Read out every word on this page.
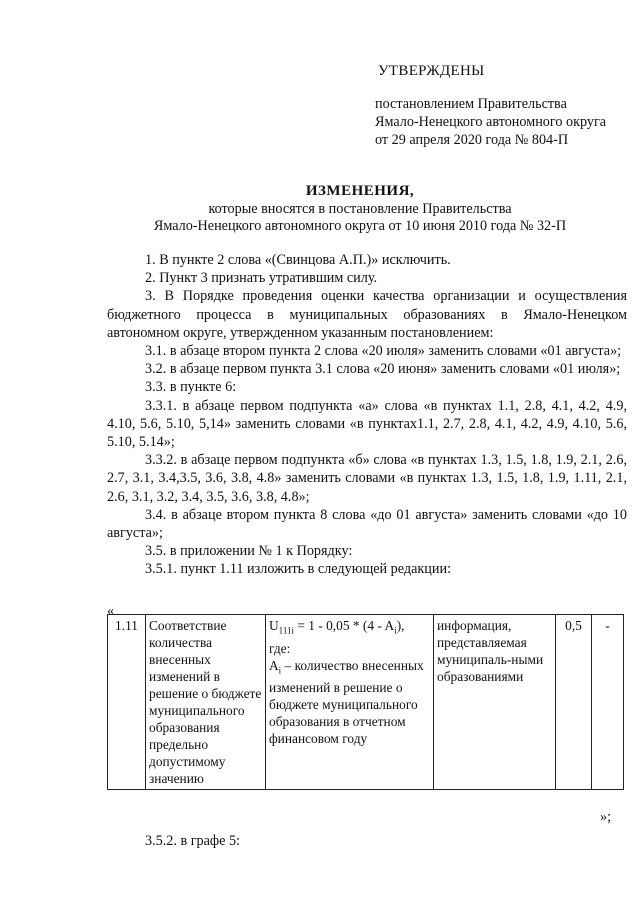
УТВЕРЖДЕНЫ
постановлением Правительства
Ямало-Ненецкого автономного округа
от 29 апреля 2020 года № 804-П
ИЗМЕНЕНИЯ,
которые вносятся в постановление Правительства
Ямало-Ненецкого автономного округа от 10 июня 2010 года № 32-П
1. В пункте 2 слова «(Свинцова А.П.)» исключить.
2. Пункт 3 признать утратившим силу.
3. В Порядке проведения оценки качества организации и осуществления бюджетного процесса в муниципальных образованиях в Ямало-Ненецком автономном округе, утвержденном указанным постановлением:
3.1. в абзаце втором пункта 2 слова «20 июля» заменить словами «01 августа»;
3.2. в абзаце первом пункта 3.1 слова «20 июня» заменить словами «01 июля»;
3.3. в пункте 6:
3.3.1. в абзаце первом подпункта «а» слова «в пунктах 1.1, 2.8, 4.1, 4.2, 4.9, 4.10, 5.6, 5.10, 5,14» заменить словами «в пунктах1.1, 2.7, 2.8, 4.1, 4.2, 4.9, 4.10, 5.6, 5.10, 5.14»;
3.3.2. в абзаце первом подпункта «б» слова «в пунктах 1.3, 1.5, 1.8, 1.9, 2.1, 2.6, 2.7, 3.1, 3.4,3.5, 3.6, 3.8, 4.8» заменить словами «в пунктах 1.3, 1.5, 1.8, 1.9, 1.11, 2.1, 2.6, 3.1, 3.2, 3.4, 3.5, 3.6, 3.8, 4.8»;
3.4. в абзаце втором пункта 8 слова «до 01 августа» заменить словами «до 10 августа»;
3.5. в приложении № 1 к Порядку:
3.5.1. пункт 1.11 изложить в следующей редакции:
«
1.11	Соответствие количества внесенных изменений в решение о бюджете муниципального образования предельно допустимому значению	$U_{111i} = 1 - 0,05 * (4 - A_i)$,
где:
$A_i$ – количество внесенных изменений в решение о бюджете муниципального образования в отчетном финансовом году	информация, представляемая муниципаль-ными образованиями	0,5	-
»;
3.5.2. в графе 5:
